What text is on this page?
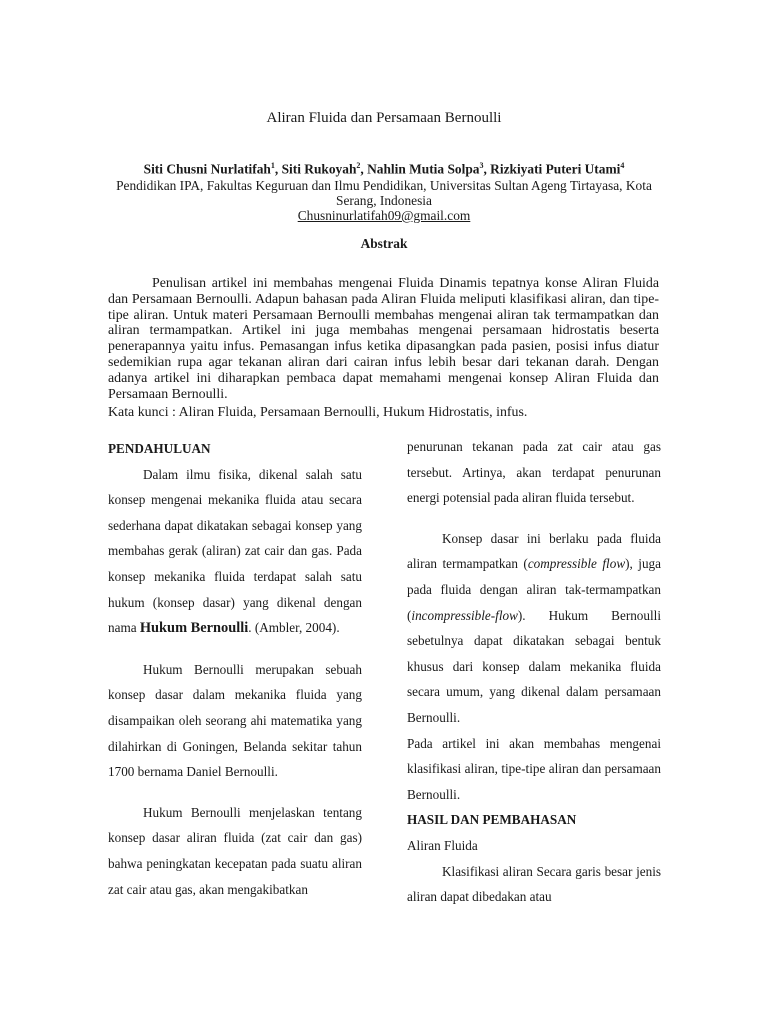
Aliran Fluida dan Persamaan Bernoulli
Siti Chusni Nurlatifah$^1$, Siti Rukoyah$^2$, Nahlin Mutia Solpa$^3$, Rizkiyati Puteri Utami$^4$
Pendidikan IPA, Fakultas Keguruan dan Ilmu Pendidikan, Universitas Sultan Ageng Tirtayasa, Kota Serang, Indonesia
Chusninurlatifah09@gmail.com
Abstrak

Penulisan artikel ini membahas mengenai Fluida Dinamis tepatnya konse Aliran Fluida dan Persamaan Bernoulli. Adapun bahasan pada Aliran Fluida meliputi klasifikasi aliran, dan tipe-tipe aliran. Untuk materi Persamaan Bernoulli membahas mengenai aliran tak termampatkan dan aliran termampatkan. Artikel ini juga membahas mengenai persamaan hidrostatis beserta penerapannya yaitu infus. Pemasangan infus ketika dipasangkan pada pasien, posisi infus diatur sedemikian rupa agar tekanan aliran dari cairan infus lebih besar dari tekanan darah. Dengan adanya artikel ini diharapkan pembaca dapat memahami mengenai konsep Aliran Fluida dan Persamaan Bernoulli.

Kata kunci : Aliran Fluida, Persamaan Bernoulli, Hukum Hidrostatis, infus.

PENDAHULUAN

Dalam ilmu fisika, dikenal salah satu konsep mengenai mekanika fluida atau secara sederhana dapat dikatakan sebagai konsep yang membahas gerak (aliran) zat cair dan gas. Pada konsep mekanika fluida terdapat salah satu hukum (konsep dasar) yang dikenal dengan nama Hukum Bernoulli. (Ambler, 2004).

Hukum Bernoulli merupakan sebuah konsep dasar dalam mekanika fluida yang disampaikan oleh seorang ahi matematika yang dilahirkan di Goningen, Belanda sekitar tahun 1700 bernama Daniel Bernoulli.

Hukum Bernoulli menjelaskan tentang konsep dasar aliran fluida (zat cair dan gas) bahwa peningkatan kecepatan pada suatu aliran zat cair atau gas, akan mengakibatkan

penurunan tekanan pada zat cair atau gas tersebut. Artinya, akan terdapat penurunan energi potensial pada aliran fluida tersebut.

Konsep dasar ini berlaku pada fluida aliran termampatkan (compressible flow), juga pada fluida dengan aliran tak-termampatkan (incompressible-flow). Hukum Bernoulli sebetulnya dapat dikatakan sebagai bentuk khusus dari konsep dalam mekanika fluida secara umum, yang dikenal dalam persamaan Bernoulli.

Pada artikel ini akan membahas mengenai klasifikasi aliran, tipe-tipe aliran dan persamaan Bernoulli.

HASIL DAN PEMBAHASAN
Aliran Fluida

Klasifikasi aliran Secara garis besar jenis aliran dapat dibedakan atau
